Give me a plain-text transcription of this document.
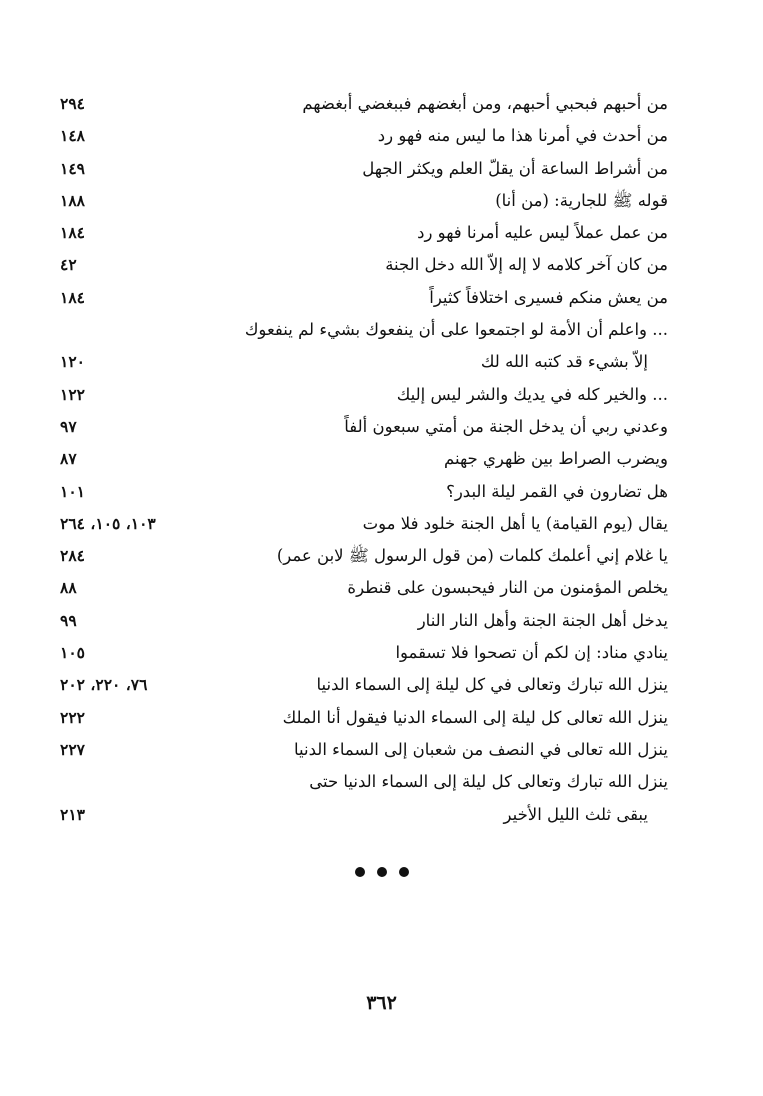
من أحبهم فبحبي أحبهم، ومن أبغضهم فببغضي أبغضهم
٢٩٤
من أحدث في أمرنا هذا ما ليس منه فهو رد
١٤٨
من أشراط الساعة أن يقلّ العلم ويكثر الجهل
١٤٩
قوله ﷺ للجارية: (من أنا)
١٨٨
من عمل عملاً ليس عليه أمرنا فهو رد
١٨٤
من كان آخر كلامه لا إله إلاّ الله دخل الجنة
٤٢
من يعش منكم فسيرى اختلافاً كثيراً
١٨٤
... واعلم أن الأمة لو اجتمعوا على أن ينفعوك بشيء لم ينفعوك
إلاّ بشيء قد كتبه الله لك
١٢٠
... والخير كله في يديك والشر ليس إليك
١٢٢
وعدني ربي أن يدخل الجنة من أمتي سبعون ألفاً
٩٧
ويضرب الصراط بين ظهري جهنم
٨٧
هل تضارون في القمر ليلة البدر؟
١٠١
يقال (يوم القيامة) يا أهل الجنة خلود فلا موت
١٠٣، ١٠٥، ٢٦٤
يا غلام إني أعلمك كلمات (من قول الرسول ﷺ لابن عمر)
٢٨٤
يخلص المؤمنون من النار فيحبسون على قنطرة
٨٨
يدخل أهل الجنة الجنة وأهل النار النار
٩٩
ينادي مناد: إن لكم أن تصحوا فلا تسقموا
١٠٥
ينزل الله تبارك وتعالى في كل ليلة إلى السماء الدنيا
٧٦، ٢٢٠، ٢٠٢
ينزل الله تعالى كل ليلة إلى السماء الدنيا فيقول أنا الملك
٢٢٢
ينزل الله تعالى في النصف من شعبان إلى السماء الدنيا
٢٢٧
ينزل الله تبارك وتعالى كل ليلة إلى السماء الدنيا حتى
يبقى ثلث الليل الأخير
٢١٣
٣٦٢
